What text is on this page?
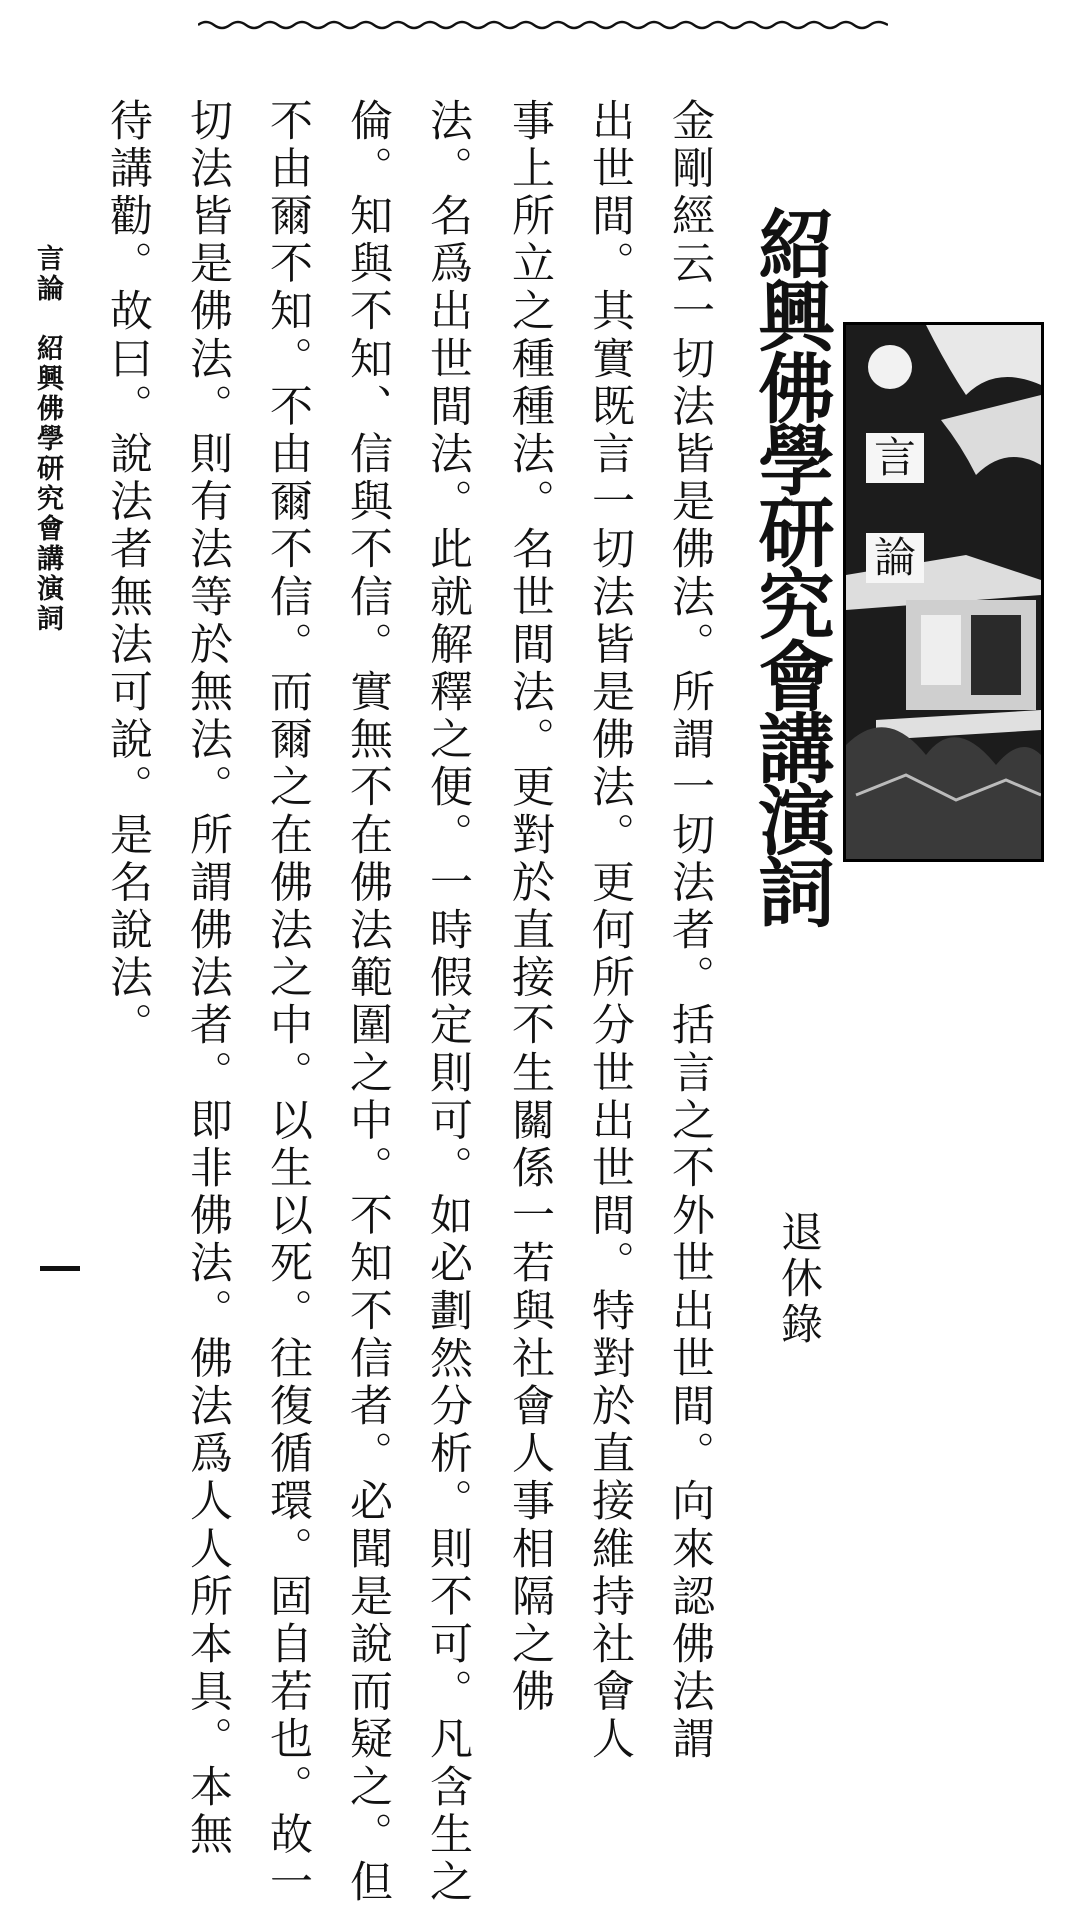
言
論
紹興佛學研究會講演詞
退休錄
金剛經云一切法皆是佛法。所謂一切法者。括言之不外世出世間。向來認佛法謂
出世間。其實既言一切法皆是佛法。更何所分世出世間。特對於直接維持社會人
事上所立之種種法。名世間法。更對於直接不生關係一若與社會人事相隔之佛
法。名爲出世間法。此就解釋之便。一時假定則可。如必劃然分析。則不可。凡含生之
倫。知與不知、信與不信。實無不在佛法範圍之中。不知不信者。必聞是說而疑之。但
不由爾不知。不由爾不信。而爾之在佛法之中。以生以死。往復循環。固自若也。故一
切法皆是佛法。則有法等於無法。所謂佛法者。即非佛法。佛法爲人人所本具。本無
待講勸。故曰。說法者無法可說。是名說法。
言論　紹興佛學研究會講演詞
